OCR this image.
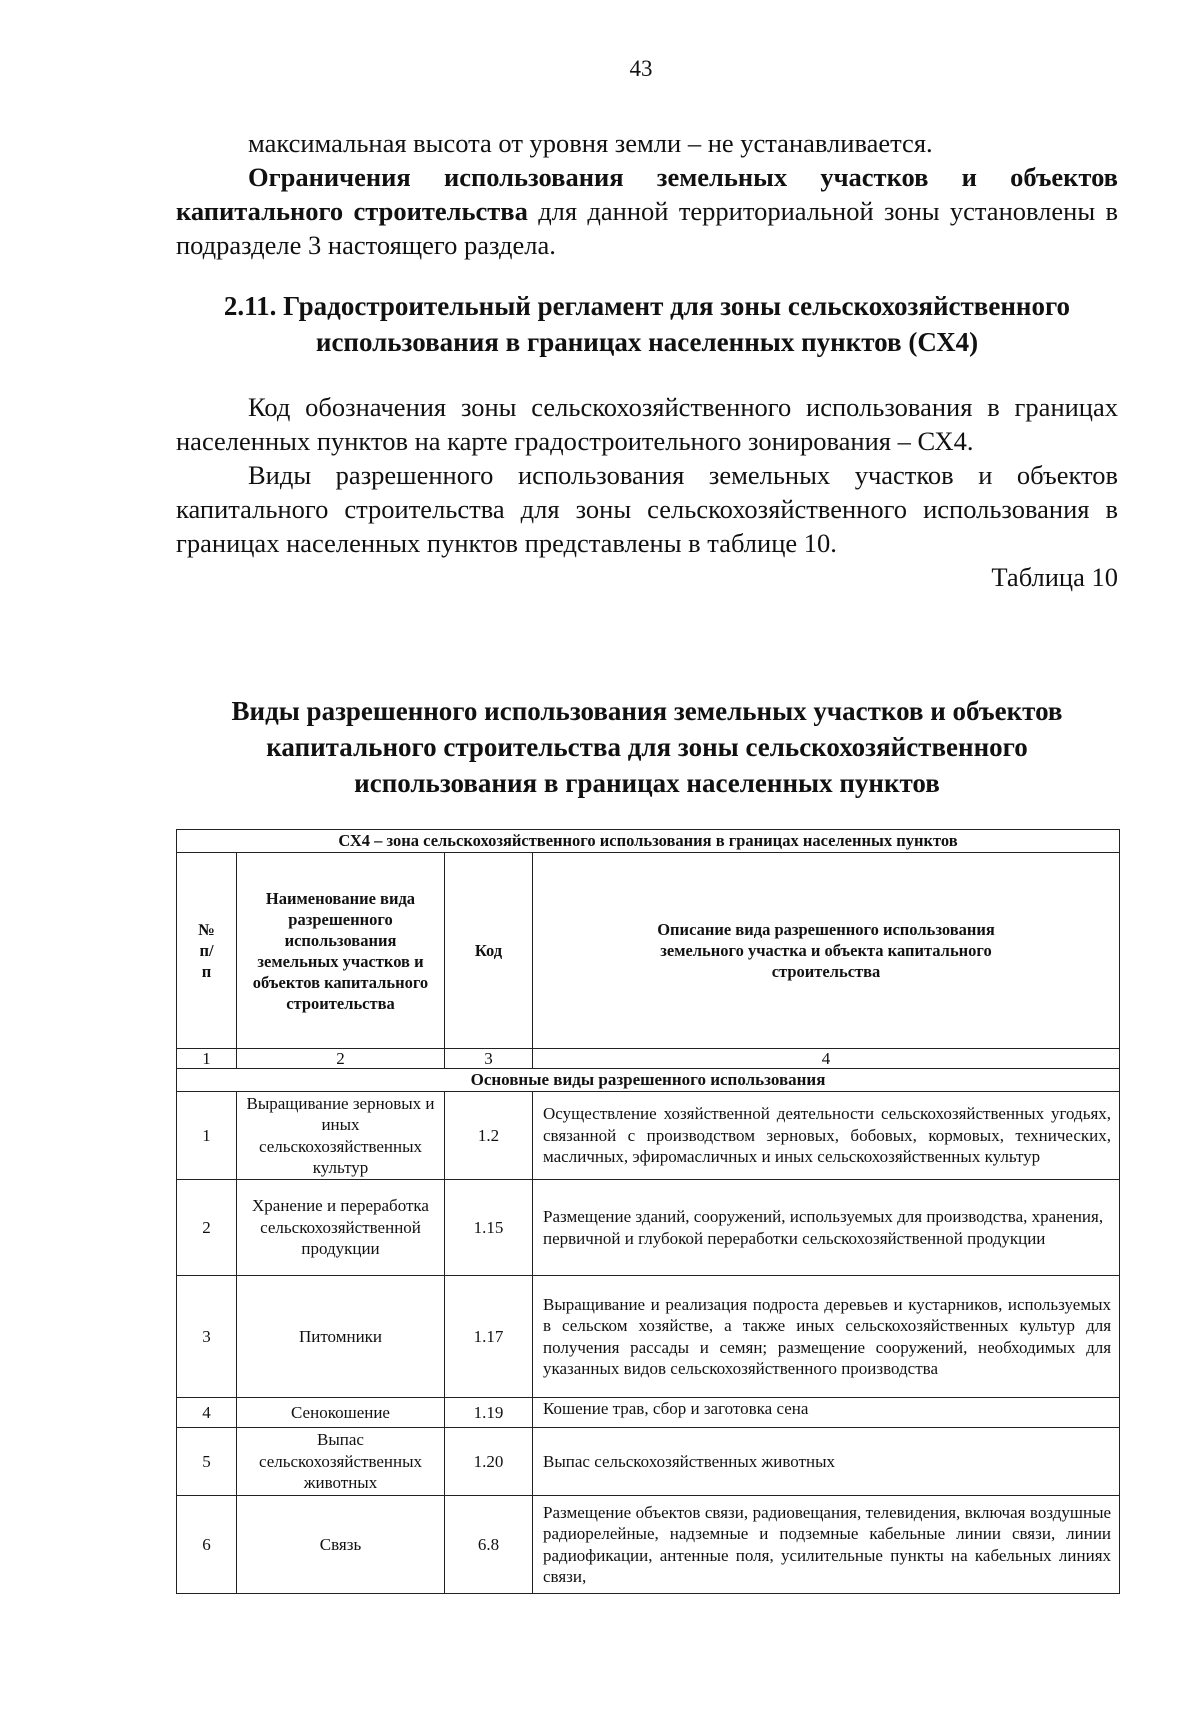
43
максимальная высота от уровня земли – не устанавливается.
Ограничения использования земельных участков и объектов капитального строительства для данной территориальной зоны установлены в подразделе 3 настоящего раздела.
2.11. Градостроительный регламент для зоны сельскохозяйственного
использования в границах населенных пунктов (СХ4)
Код обозначения зоны сельскохозяйственного использования в границах населенных пунктов на карте градостроительного зонирования – СХ4.
Виды разрешенного использования земельных участков и объектов капитального строительства для зоны сельскохозяйственного использования в границах населенных пунктов представлены в таблице 10.
Таблица 10
Виды разрешенного использования земельных участков и объектов
капитального строительства для зоны сельскохозяйственного
использования в границах населенных пунктов
СХ4 – зона сельскохозяйственного использования в границах населенных пунктов			
№ п/п	Наименование вида разрешенного использования земельных участков и объектов капитального строительства	Код	Описание вида разрешенного использования земельного участка и объекта капитального строительства
1	2	3	4
Основные виды разрешенного использования			
1	Выращивание зерновых и иных сельскохозяйственных культур	1.2	Осуществление хозяйственной деятельности сельскохозяйственных угодьях, связанной с производством зерновых, бобовых, кормовых, технических, масличных, эфиромасличных и иных сельскохозяйственных культур
2	Хранение и переработка сельскохозяйственной продукции	1.15	Размещение зданий, сооружений, используемых для производства, хранения, первичной и глубокой переработки сельскохозяйственной продукции
3	Питомники	1.17	Выращивание и реализация подроста деревьев и кустарников, используемых в сельском хозяйстве, а также иных сельскохозяйственных культур для получения рассады и семян; размещение сооружений, необходимых для указанных видов сельскохозяйственного производства
4	Сенокошение	1.19	Кошение трав, сбор и заготовка сена
5	Выпас сельскохозяйственных животных	1.20	Выпас сельскохозяйственных животных
6	Связь	6.8	Размещение объектов связи, радиовещания, телевидения, включая воздушные радиорелейные, надземные и подземные кабельные линии связи, линии радиофикации, антенные поля, усилительные пункты на кабельных линиях связи,
